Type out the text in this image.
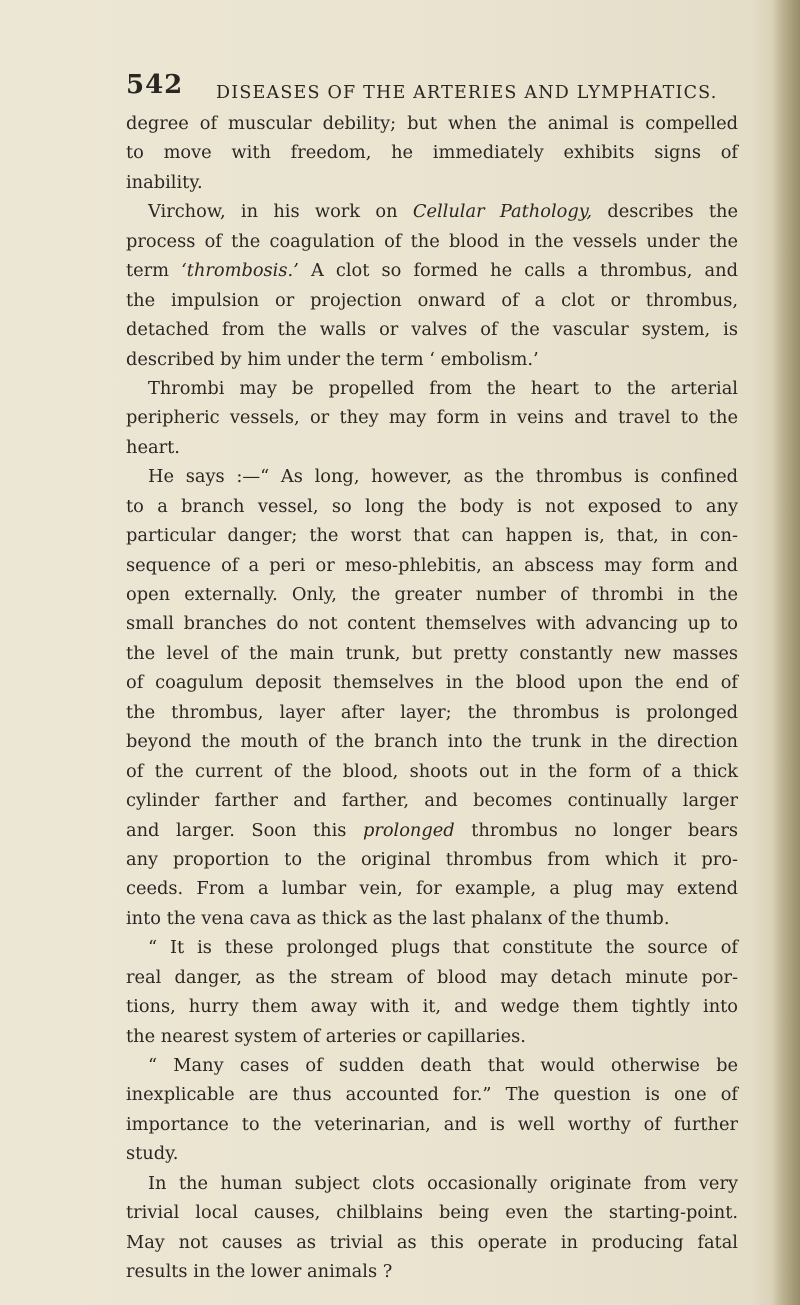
542 DISEASES OF THE ARTERIES AND LYMPHATICS.
degree of muscular debility; but when the animal is compelled
to move with freedom, he immediately exhibits signs of
inability.
Virchow, in his work on Cellular Pathology, describes the
process of the coagulation of the blood in the vessels under the
term ‘thrombosis.’ A clot so formed he calls a thrombus, and
the impulsion or projection onward of a clot or thrombus,
detached from the walls or valves of the vascular system, is
described by him under the term ‘ embolism.’
Thrombi may be propelled from the heart to the arterial
peripheric vessels, or they may form in veins and travel to the
heart.
He says :—“ As long, however, as the thrombus is confined
to a branch vessel, so long the body is not exposed to any
particular danger; the worst that can happen is, that, in con-
sequence of a peri or meso-phlebitis, an abscess may form and
open externally. Only, the greater number of thrombi in the
small branches do not content themselves with advancing up to
the level of the main trunk, but pretty constantly new masses
of coagulum deposit themselves in the blood upon the end of
the thrombus, layer after layer; the thrombus is prolonged
beyond the mouth of the branch into the trunk in the direction
of the current of the blood, shoots out in the form of a thick
cylinder farther and farther, and becomes continually larger
and larger. Soon this prolonged thrombus no longer bears
any proportion to the original thrombus from which it pro-
ceeds. From a lumbar vein, for example, a plug may extend
into the vena cava as thick as the last phalanx of the thumb.
“ It is these prolonged plugs that constitute the source of
real danger, as the stream of blood may detach minute por-
tions, hurry them away with it, and wedge them tightly into
the nearest system of arteries or capillaries.
“ Many cases of sudden death that would otherwise be
inexplicable are thus accounted for.” The question is one of
importance to the veterinarian, and is well worthy of further
study.
In the human subject clots occasionally originate from very
trivial local causes, chilblains being even the starting-point.
May not causes as trivial as this operate in producing fatal
results in the lower animals ?
